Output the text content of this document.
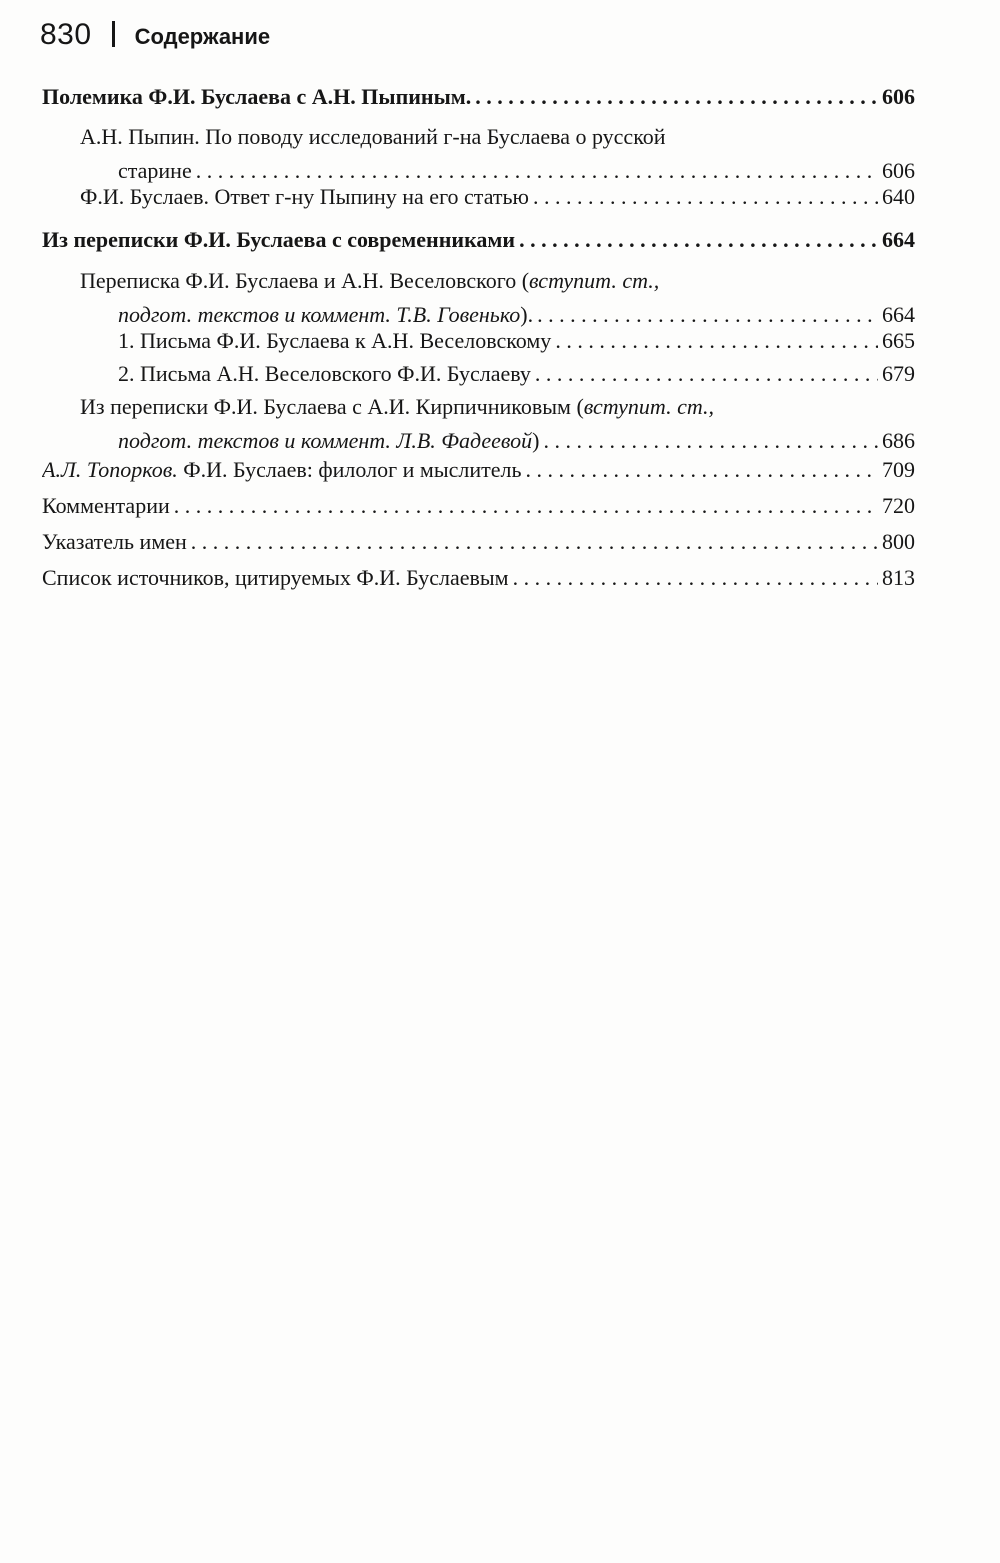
830 Содержание
Полемика Ф.И. Буслаева с А.Н. Пыпиным. . . .	606
А.Н. Пыпин. По поводу исследований г-на Буслаева о русской
старине . . .	606
Ф.И. Буслаев. Ответ г-ну Пыпину на его статью . . .	640
Из переписки Ф.И. Буслаева с современниками . . .	664
Переписка Ф.И. Буслаева и А.Н. Веселовского (вступит. ст.,
подгот. текстов и коммент. Т.В. Говенько). . . .	664
1. Письма Ф.И. Буслаева к А.Н. Веселовскому . . .	665
2. Письма А.Н. Веселовского Ф.И. Буслаеву . . .	679
Из переписки Ф.И. Буслаева с А.И. Кирпичниковым (вступит. ст.,
подгот. текстов и коммент. Л.В. Фадеевой) . . .	686
А.Л. Топорков. Ф.И. Буслаев: филолог и мыслитель . . .	709
Комментарии . . .	720
Указатель имен . . .	800
Список источников, цитируемых Ф.И. Буслаевым . . .	813
